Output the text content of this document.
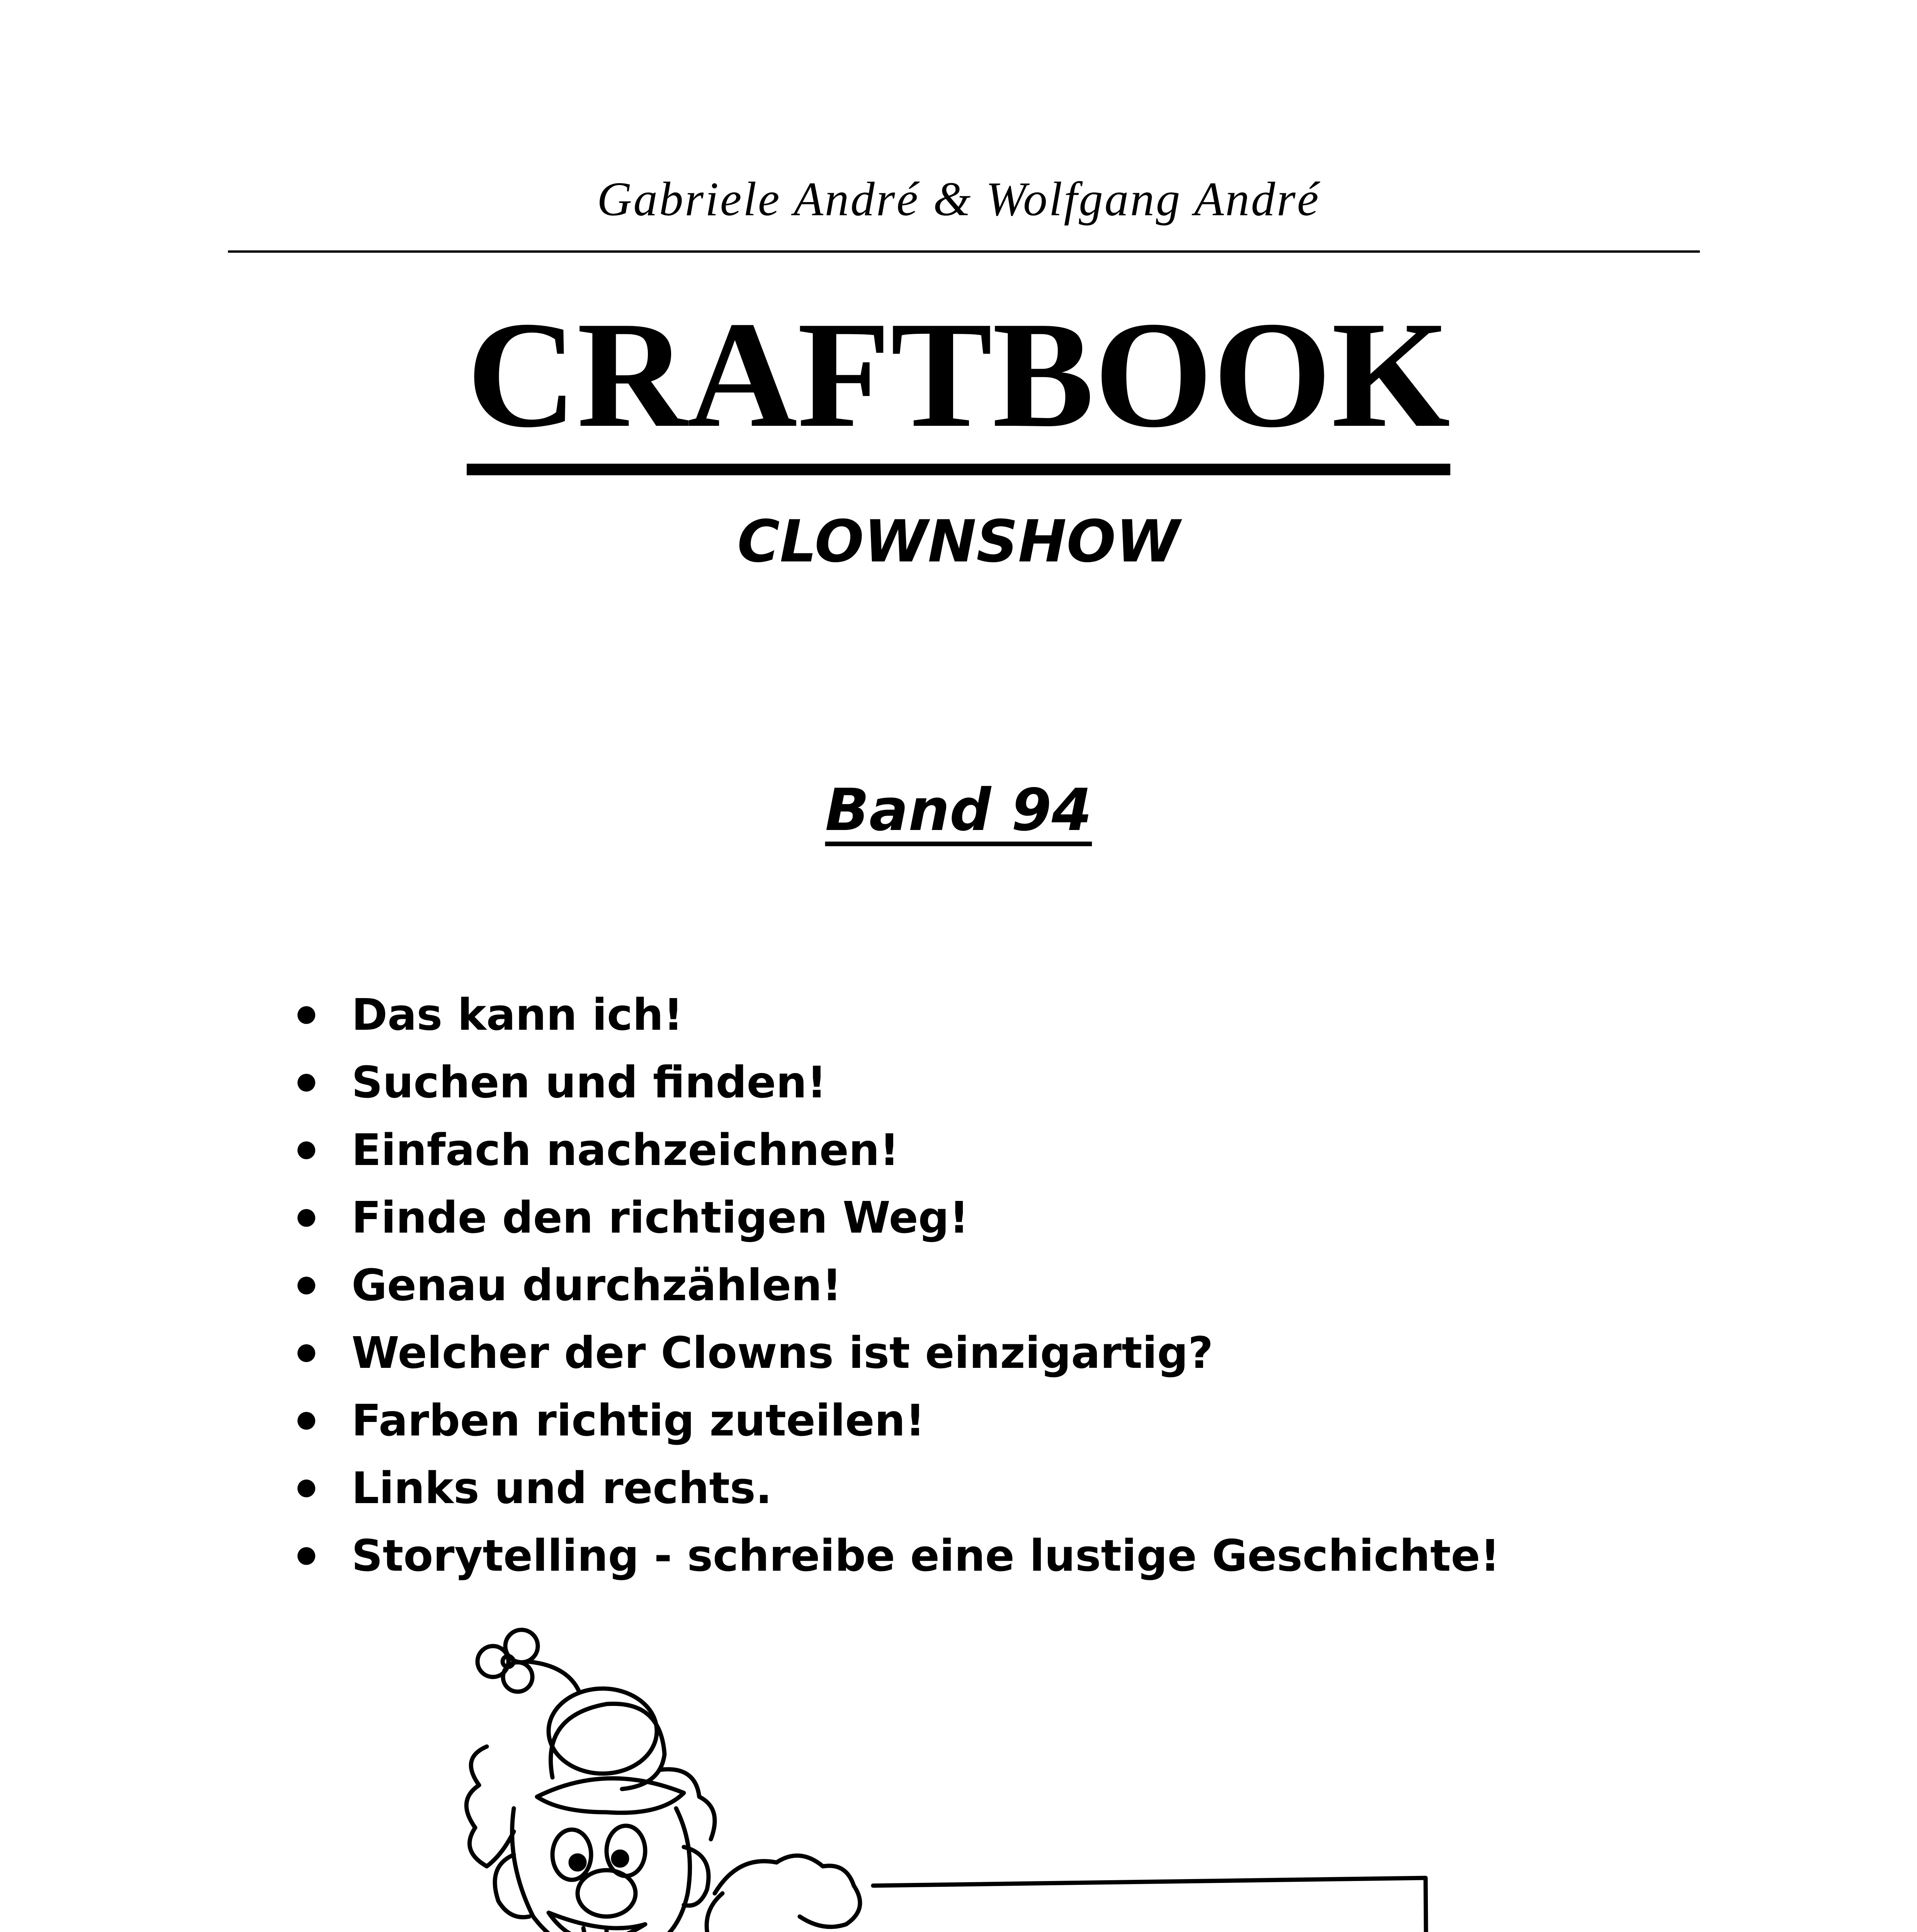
Gabriele André & Wolfgang André
CRAFTBOOK
CLOWNSHOW
Band 94
Das kann ich!
Suchen und finden!
Einfach nachzeichnen!
Finde den richtigen Weg!
Genau durchzählen!
Welcher der Clowns ist einzigartig?
Farben richtig zuteilen!
Links und rechts.
Storytelling - schreibe eine lustige Geschichte!
